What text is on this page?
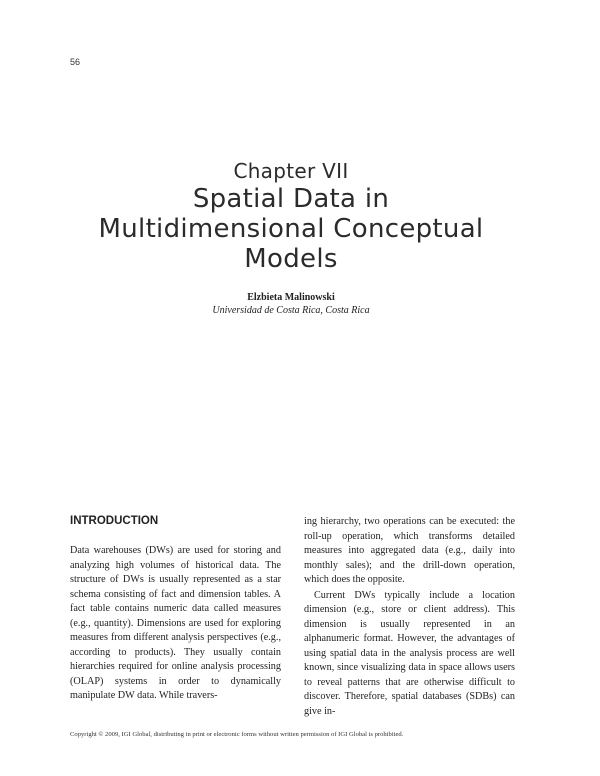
56
Chapter VII
Spatial Data in
Multidimensional Conceptual
Models
Elzbieta Malinowski
Universidad de Costa Rica, Costa Rica
INTRODUCTION

Data warehouses (DWs) are used for storing and analyzing high volumes of historical data. The structure of DWs is usually represented as a star schema consisting of fact and dimension tables. A fact table contains numeric data called measures (e.g., quantity). Dimensions are used for exploring measures from different analysis perspectives (e.g., according to products). They usually contain hierarchies required for online analysis processing (OLAP) systems in order to dynamically manipulate DW data. While travers-

ing hierarchy, two operations can be executed: the roll-up operation, which transforms detailed measures into aggregated data (e.g., daily into monthly sales); and the drill-down operation, which does the opposite.

Current DWs typically include a location dimension (e.g., store or client address). This dimension is usually represented in an alphanumeric format. However, the advantages of using spatial data in the analysis process are well known, since visualizing data in space allows users to reveal patterns that are otherwise difficult to discover. Therefore, spatial databases (SDBs) can give in-

Copyright © 2009, IGI Global, distributing in print or electronic forms without written permission of IGI Global is prohibited.
